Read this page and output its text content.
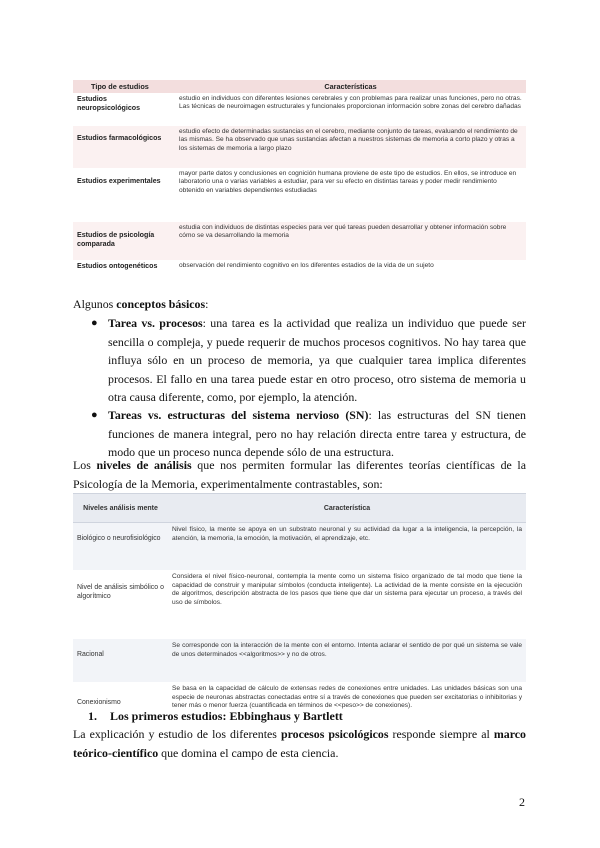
Tipo de estudios	Características
Estudios neuropsicológicos	estudio en individuos con diferentes lesiones cerebrales y con problemas para realizar unas funciones, pero no otras. Las técnicas de neuroimagen estructurales y funcionales proporcionan información sobre zonas del cerebro dañadas
Estudios farmacológicos	estudio efecto de determinadas sustancias en el cerebro, mediante conjunto de tareas, evaluando el rendimiento de las mismas. Se ha observado que unas sustancias afectan a nuestros sistemas de memoria a corto plazo y otras a los sistemas de memoria a largo plazo
Estudios experimentales	mayor parte datos y conclusiones en cognición humana proviene de este tipo de estudios. En ellos, se introduce en laboratorio una o varias variables a estudiar, para ver su efecto en distintas tareas y poder medir rendimiento obtenido en variables dependientes estudiadas
Estudios de psicología comparada	estudia con individuos de distintas especies para ver qué tareas pueden desarrollar y obtener información sobre cómo se va desarrollando la memoria
Estudios ontogenéticos	observación del rendimiento cognitivo en los diferentes estadios de la vida de un sujeto
Algunos conceptos básicos:
● Tarea vs. procesos: una tarea es la actividad que realiza un individuo que puede ser sencilla o compleja, y puede requerir de muchos procesos cognitivos. No hay tarea que influya sólo en un proceso de memoria, ya que cualquier tarea implica diferentes procesos. El fallo en una tarea puede estar en otro proceso, otro sistema de memoria u otra causa diferente, como, por ejemplo, la atención.
● Tareas vs. estructuras del sistema nervioso (SN): las estructuras del SN tienen funciones de manera integral, pero no hay relación directa entre tarea y estructura, de modo que un proceso nunca depende sólo de una estructura.
Los niveles de análisis que nos permiten formular las diferentes teorías científicas de la Psicología de la Memoria, experimentalmente contrastables, son:
Niveles análisis mente	Característica
Biológico o neurofisiológico	Nivel físico, la mente se apoya en un substrato neuronal y su actividad da lugar a la inteligencia, la percepción, la atención, la memoria, la emoción, la motivación, el aprendizaje, etc.
Nivel de análisis simbólico o algorítmico	Considera el nivel físico-neuronal, contempla la mente como un sistema físico organizado de tal modo que tiene la capacidad de construir y manipular símbolos (conducta inteligente). La actividad de la mente consiste en la ejecución de algoritmos, descripción abstracta de los pasos que tiene que dar un sistema para ejecutar un proceso, a través del uso de símbolos.
Racional	Se corresponde con la interacción de la mente con el entorno. Intenta aclarar el sentido de por qué un sistema se vale de unos determinados <<algoritmos>> y no de otros.
Conexionismo	Se basa en la capacidad de cálculo de extensas redes de conexiones entre unidades. Las unidades básicas son una especie de neuronas abstractas conectadas entre sí a través de conexiones que pueden ser excitatorias o inhibitorias y tener más o menor fuerza (cuantificada en términos de <<peso>> de conexiones).
1. Los primeros estudios: Ebbinghaus y Bartlett
La explicación y estudio de los diferentes procesos psicológicos responde siempre al marco teórico-científico que domina el campo de esta ciencia.
2
